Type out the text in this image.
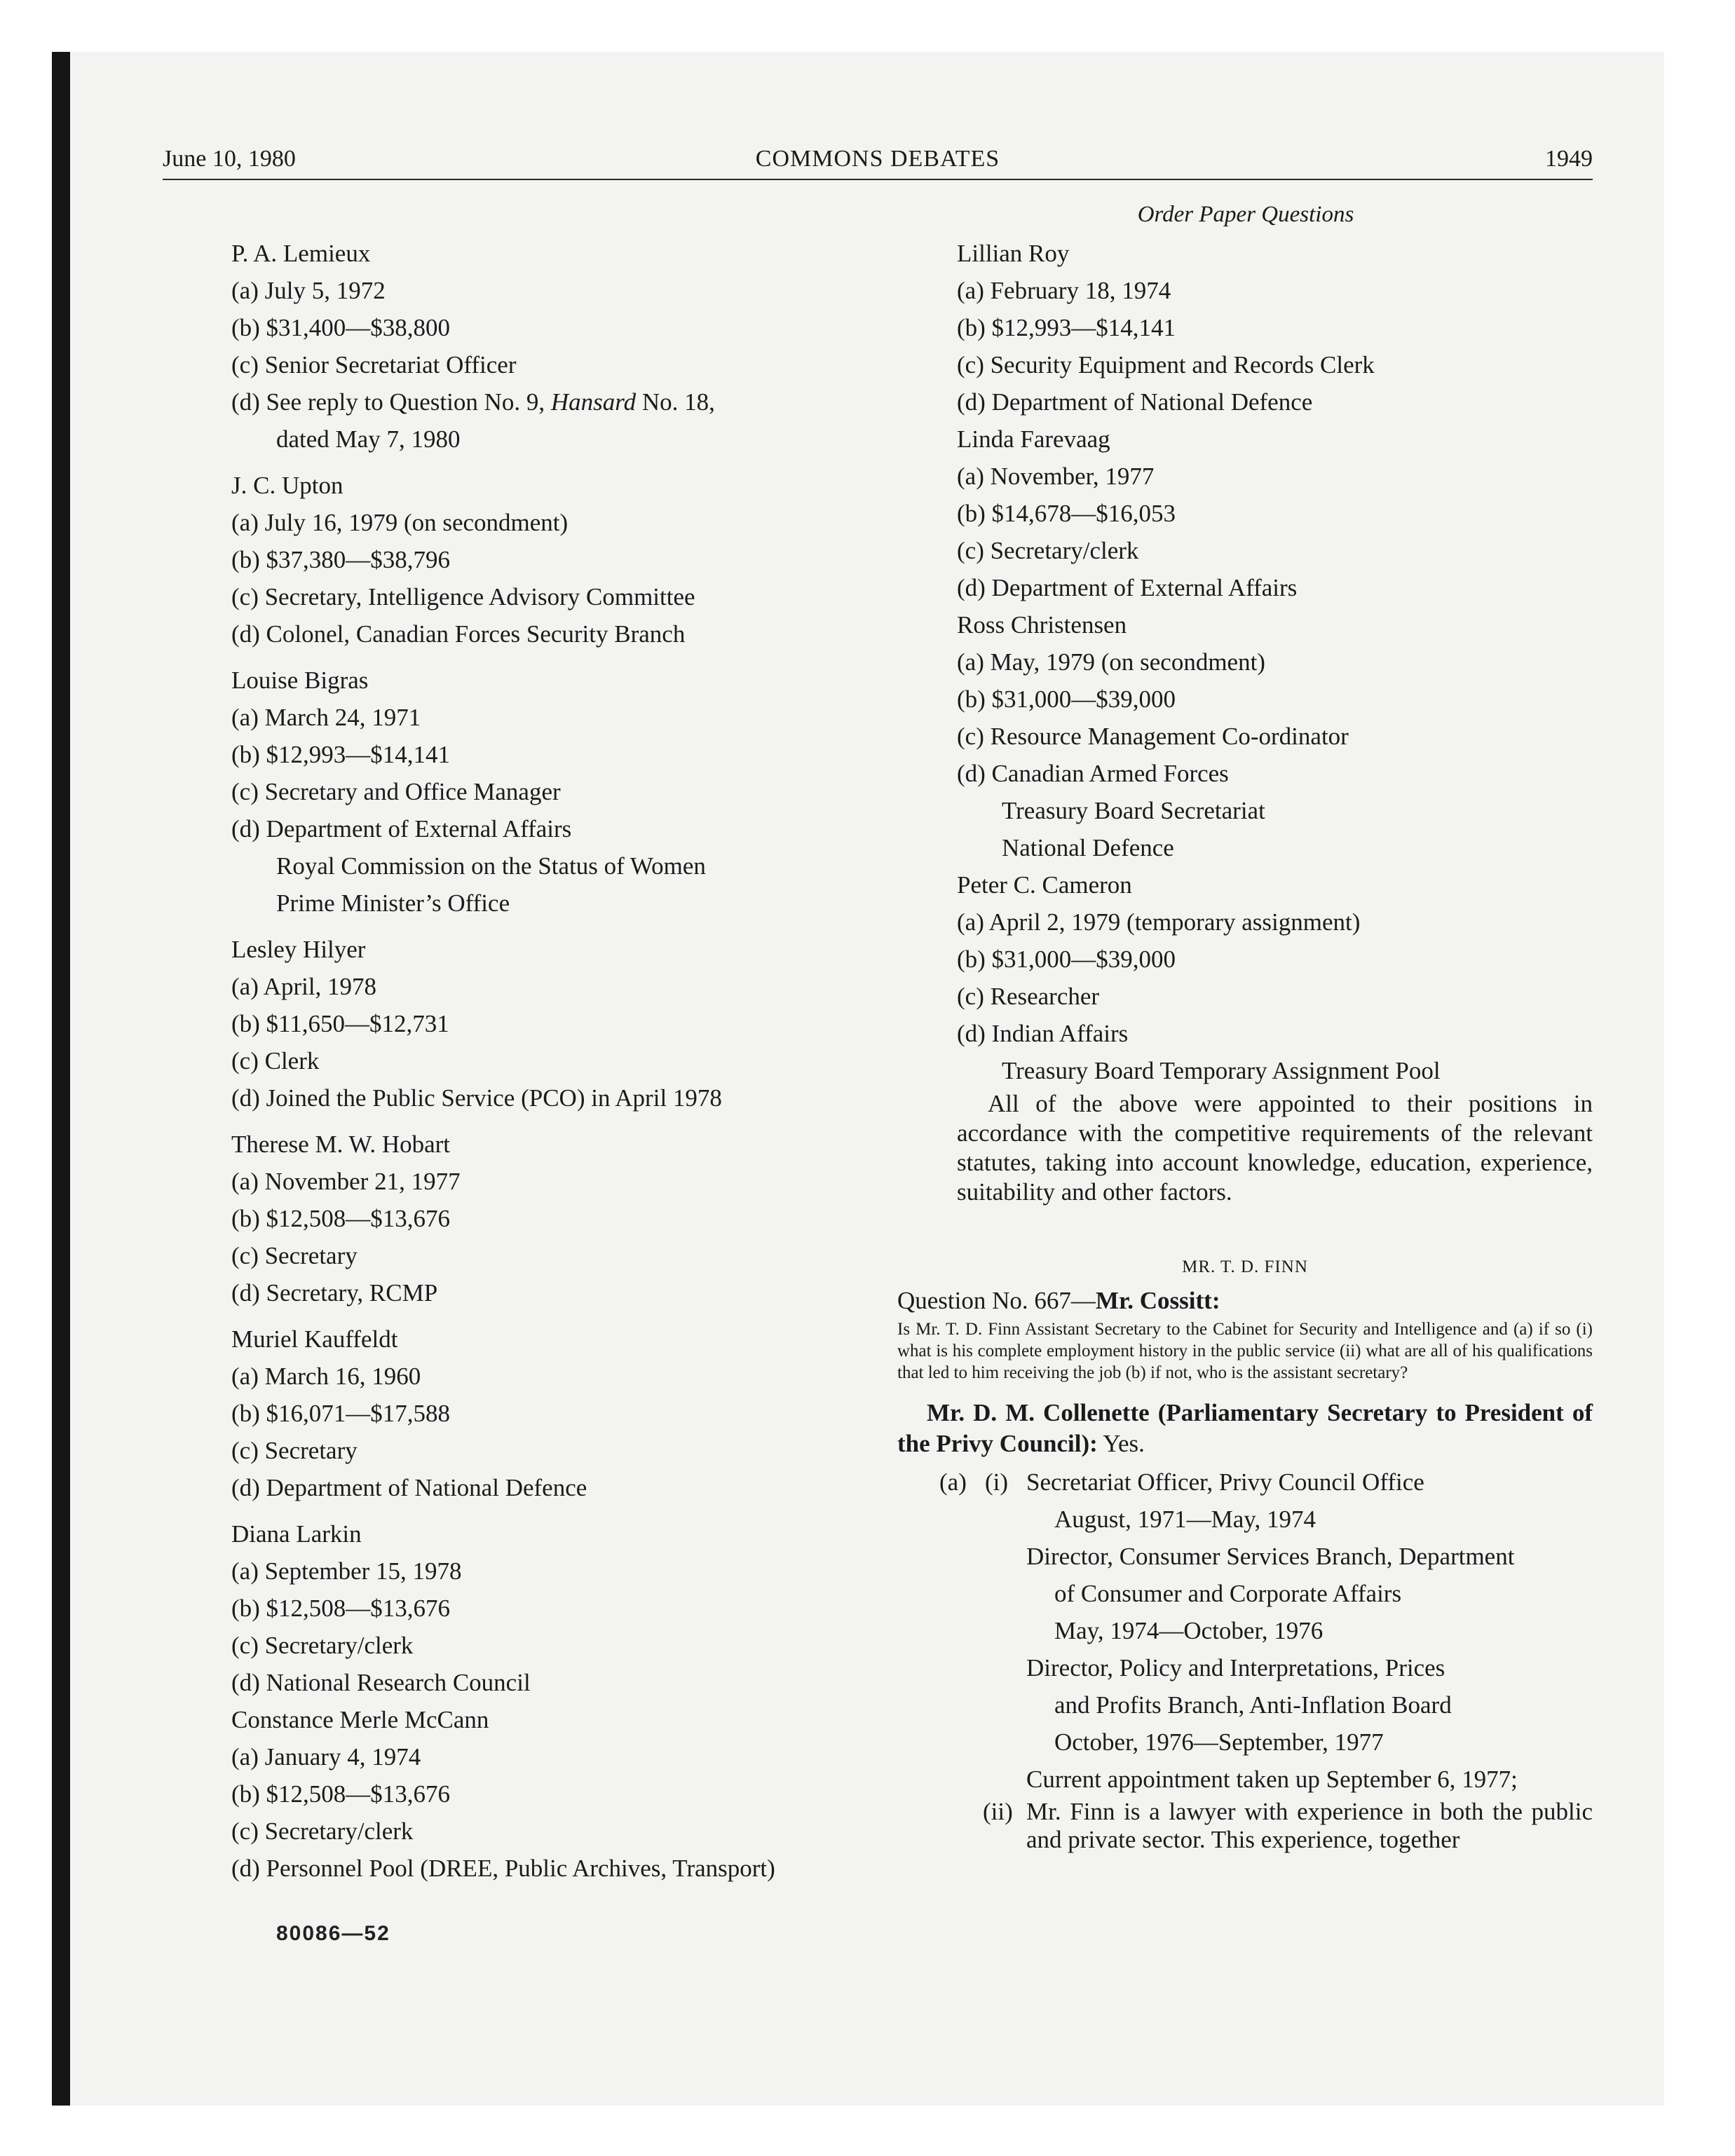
COMMONS DEBATES
June 10, 1980	1949
Order Paper Questions
P. A. Lemieux
(a) July 5, 1972
(b) $31,400—$38,800
(c) Senior Secretariat Officer
(d) See reply to Question No. 9, Hansard No. 18,
dated May 7, 1980
J. C. Upton
(a) July 16, 1979 (on secondment)
(b) $37,380—$38,796
(c) Secretary, Intelligence Advisory Committee
(d) Colonel, Canadian Forces Security Branch
Louise Bigras
(a) March 24, 1971
(b) $12,993—$14,141
(c) Secretary and Office Manager
(d) Department of External Affairs
Royal Commission on the Status of Women
Prime Minister’s Office
Lesley Hilyer
(a) April, 1978
(b) $11,650—$12,731
(c) Clerk
(d) Joined the Public Service (PCO) in April 1978
Therese M. W. Hobart
(a) November 21, 1977
(b) $12,508—$13,676
(c) Secretary
(d) Secretary, RCMP
Muriel Kauffeldt
(a) March 16, 1960
(b) $16,071—$17,588
(c) Secretary
(d) Department of National Defence
Diana Larkin
(a) September 15, 1978
(b) $12,508—$13,676
(c) Secretary/clerk
(d) National Research Council
Constance Merle McCann
(a) January 4, 1974
(b) $12,508—$13,676
(c) Secretary/clerk
(d) Personnel Pool (DREE, Public Archives, Transport)
Lillian Roy
(a) February 18, 1974
(b) $12,993—$14,141
(c) Security Equipment and Records Clerk
(d) Department of National Defence
Linda Farevaag
(a) November, 1977
(b) $14,678—$16,053
(c) Secretary/clerk
(d) Department of External Affairs
Ross Christensen
(a) May, 1979 (on secondment)
(b) $31,000—$39,000
(c) Resource Management Co-ordinator
(d) Canadian Armed Forces
Treasury Board Secretariat
National Defence
Peter C. Cameron
(a) April 2, 1979 (temporary assignment)
(b) $31,000—$39,000
(c) Researcher
(d) Indian Affairs
Treasury Board Temporary Assignment Pool
All of the above were appointed to their positions in accordance with the competitive requirements of the relevant statutes, taking into account knowledge, education, experience, suitability and other factors.
MR. T. D. FINN
Question No. 667—Mr. Cossitt:
Is Mr. T. D. Finn Assistant Secretary to the Cabinet for Security and Intelligence and (a) if so (i) what is his complete employment history in the public service (ii) what are all of his qualifications that led to him receiving the job (b) if not, who is the assistant secretary?
Mr. D. M. Collenette (Parliamentary Secretary to President of the Privy Council): Yes.
(a) (i) Secretariat Officer, Privy Council Office
August, 1971—May, 1974
Director, Consumer Services Branch, Department
of Consumer and Corporate Affairs
May, 1974—October, 1976
Director, Policy and Interpretations, Prices
and Profits Branch, Anti-Inflation Board
October, 1976—September, 1977
Current appointment taken up September 6, 1977;
(ii) Mr. Finn is a lawyer with experience in both the public and private sector. This experience, together
80086—52
